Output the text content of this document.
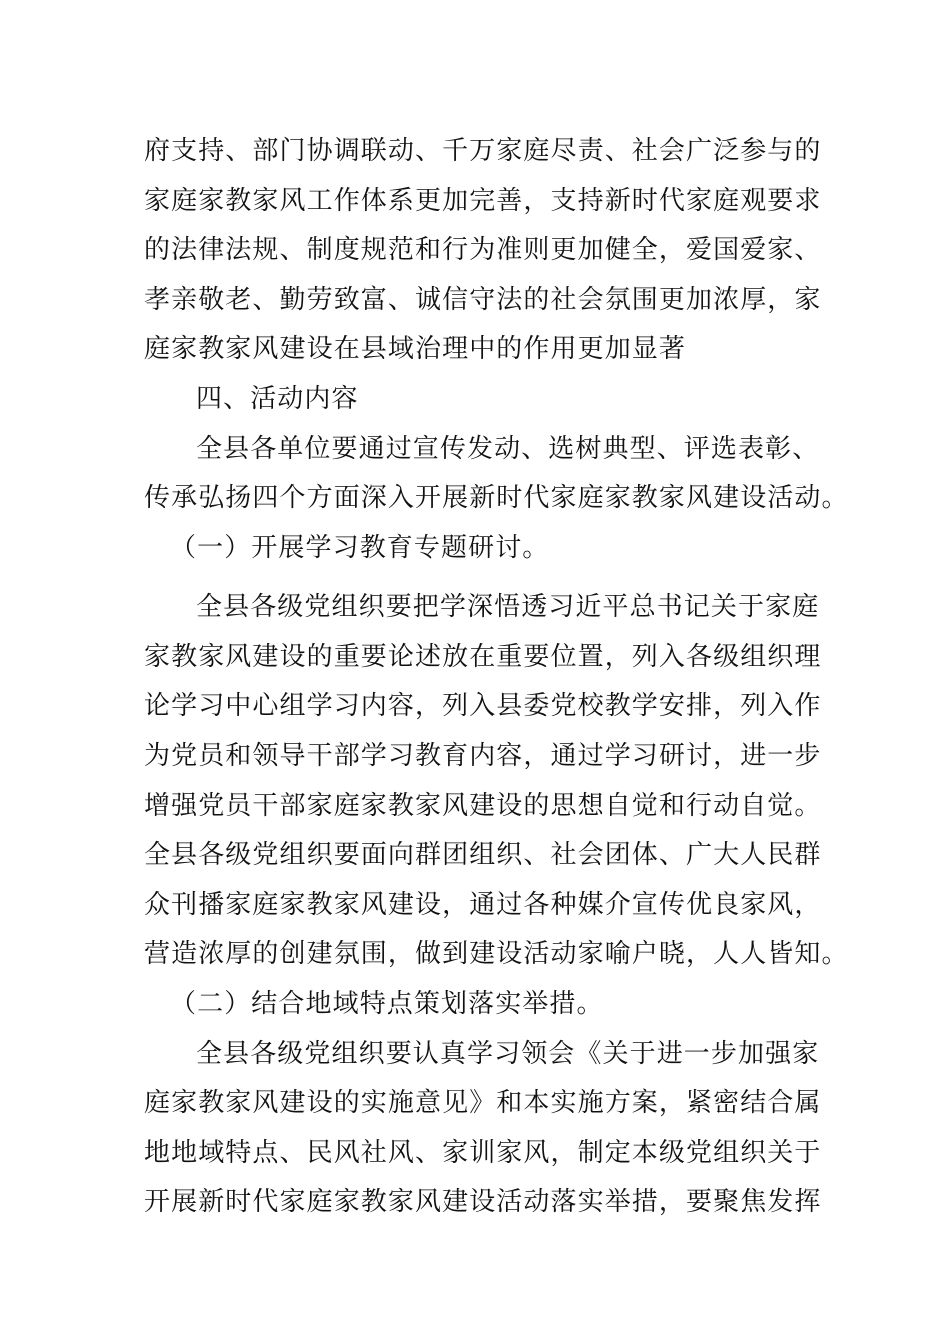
府支持、部门协调联动、千万家庭尽责、社会广泛参与的
家庭家教家风工作体系更加完善，支持新时代家庭观要求
的法律法规、制度规范和行为准则更加健全，爱国爱家、
孝亲敬老、勤劳致富、诚信守法的社会氛围更加浓厚，家
庭家教家风建设在县域治理中的作用更加显著
四、活动内容
全县各单位要通过宣传发动、选树典型、评选表彰、
传承弘扬四个方面深入开展新时代家庭家教家风建设活动。
（一）开展学习教育专题研讨。
全县各级党组织要把学深悟透习近平总书记关于家庭
家教家风建设的重要论述放在重要位置，列入各级组织理
论学习中心组学习内容，列入县委党校教学安排，列入作
为党员和领导干部学习教育内容，通过学习研讨，进一步
增强党员干部家庭家教家风建设的思想自觉和行动自觉。
全县各级党组织要面向群团组织、社会团体、广大人民群
众刊播家庭家教家风建设，通过各种媒介宣传优良家风，
营造浓厚的创建氛围，做到建设活动家喻户晓，人人皆知。
（二）结合地域特点策划落实举措。
全县各级党组织要认真学习领会《关于进一步加强家
庭家教家风建设的实施意见》和本实施方案，紧密结合属
地地域特点、民风社风、家训家风，制定本级党组织关于
开展新时代家庭家教家风建设活动落实举措，要聚焦发挥
